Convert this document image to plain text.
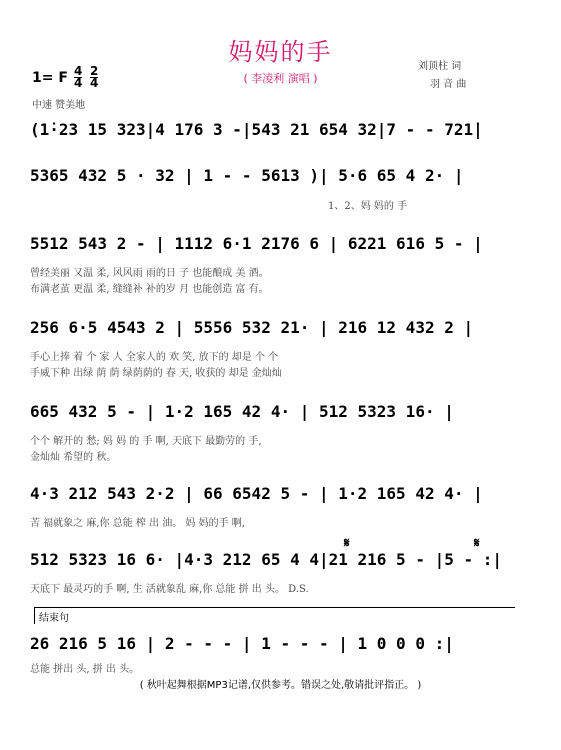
妈妈的手
( 李凌利 演唱 )
刘顶柱 词
羽 音 曲
1= F 4
4
2
4
中速 赞美地
(1̇·23 15 323|4 176 3 -|543 21 654 32|7 - - 721̇|
5365 432 5 · 32 | 1 - - 5613 )| 5·6 65 4 2· |
1、2、妈 妈的 手
5512 543 2 - | 1112 6·1 2176 6 | 6221 616 5 - |
曾经美丽 又温 柔, 风风雨 雨的日 子 也能酿成 美 酒。
布满老茧 更温 柔, 缝缝补 补的岁 月 也能创造 富 有。
256 6·5 4543 2 | 5556 532 21· | 216 12 432 2 |
手心上捧 着 个 家 人 全家人的 欢 笑, 放下的 却是 个 个
手威下种 出绿 荫 荫 绿荫荫的 春 天, 收获的 却是 金灿灿
665 432 5 - | 1·2 165 42 4· | 512 5323 16· |
个个 解开的 愁; 妈 妈 的 手 啊, 天底下 最勤劳的 手,
金灿灿 希望的 秋。
4·3 212 543 2·2 | 66 6542 5 - | 1·2 165 42 4· |
苦 福就象之 麻,你 总能 榨 出 油。 妈 妈的手 啊,
𝄋	𝄋
512 5323 16 6· |4·3 212 65 4 4|21 216 5 - |5 - :|
天底下 最灵巧的手 啊, 生 活就象乱 麻,你 总能 拼 出 头。 D.S.
结束句
26 216 5 16 | 2 - - - | 1 - - - | 1 0 0 0 :|
总能 拼出 头, 拼 出 头。
( 秋叶起舞根据MP3记谱,仅供参考。错误之处,敬请批评指正。 )
